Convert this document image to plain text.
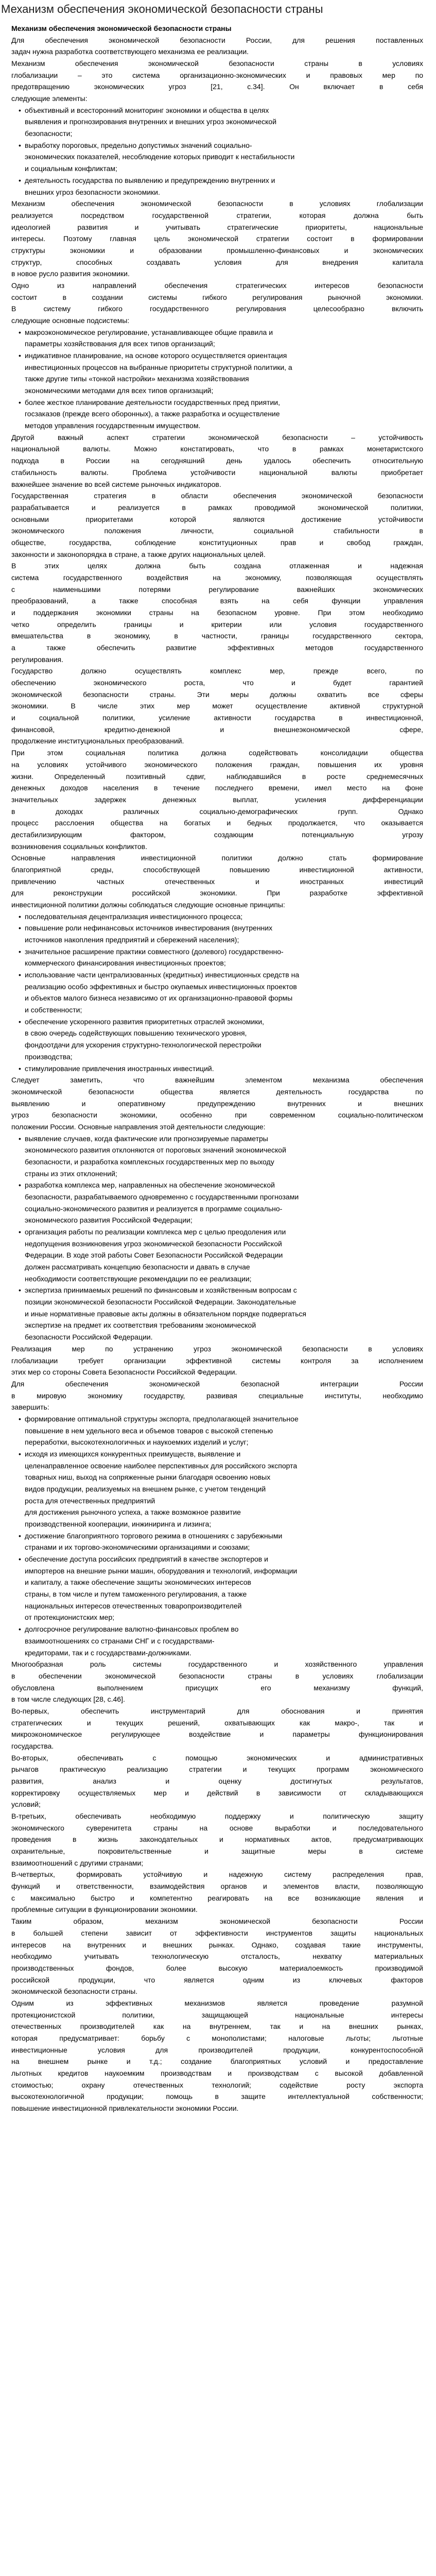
Механизм обеспечения экономической безопасности страны
Механизм обеспечения экономической безопасности страны
Для обеспечения экономической безопасности России, для решения поставленных
задач нужна разработка соответствующего механизма ее реализации.
Механизм обеспечения экономической безопасности страны в условиях
глобализации – это система организационно-экономических и правовых мер по
предотвращению экономических угроз [21, с.34]. Он включает в себя
следующие элементы:
• объективный и всесторонний мониторинг экономики и общества в целях
выявления и прогнозирования внутренних и внешних угроз экономической
безопасности;
• выработку пороговых, предельно допустимых значений социально-
экономических показателей, несоблюдение которых приводит к нестабильности
и социальным конфликтам;
• деятельность государства по выявлению и предупреждению внутренних и
внешних угроз безопасности экономики.
Механизм обеспечения экономической безопасности в условиях глобализации
реализуется посредством государственной стратегии, которая должна быть
идеологией развития и учитывать стратегические приоритеты, национальные
интересы. Поэтому главная цель экономической стратегии состоит в формировании
структуры экономики и образовании промышленно-финансовых и экономических
структур, способных создавать условия для внедрения капитала
в новое русло развития экономики.
Одно из направлений обеспечения стратегических интересов безопасности
состоит в создании системы гибкого регулирования рыночной экономики.
В систему гибкого государственного регулирования целесообразно включить
следующие основные подсистемы:
• макроэкономическое регулирование, устанавливающее общие правила и
параметры хозяйствования для всех типов организаций;
• индикативное планирование, на основе которого осуществляется ориентация
инвестиционных процессов на выбранные приоритеты структурной политики, а
также другие типы «тонкой настройки» механизма хозяйствования
экономическими методами для всех типов организаций;
• более жесткое планирование деятельности государственных пред приятии,
госзаказов (прежде всего оборонных), а также разработка и осуществление
методов управления государственным имуществом.
Другой важный аспект стратегии экономической безопасности – устойчивость
национальной валюты. Можно констатировать, что в рамках монетаристского
подхода в России на сегодняшний день удалось обеспечить относительную
стабильность валюты. Проблема устойчивости национальной валюты приобретает
важнейшее значение во всей системе рыночных индикаторов.
Государственная стратегия в области обеспечения экономической безопасности
разрабатывается и реализуется в рамках проводимой экономической политики,
основными приоритетами которой являются достижение устойчивости
экономического положения личности, социальной стабильности в
обществе, государства, соблюдение конституционных прав и свобод граждан,
законности и законопорядка в стране, а также других национальных целей.
В этих целях должна быть создана отлаженная и надежная
система государственного воздействия на экономику, позволяющая осуществлять
с наименьшими потерями регулирование важнейших экономических
преобразований, а также способная взять на себя функции управления
и поддержания экономики страны на безопасном уровне. При этом необходимо
четко определить границы и критерии или условия государственного
вмешательства в экономику, в частности, границы государственного сектора,
а также обеспечить развитие эффективных методов государственного
регулирования.
Государство должно осуществлять комплекс мер, прежде всего, по
обеспечению экономического роста, что и будет гарантией
экономической безопасности страны. Эти меры должны охватить все сферы
экономики. В числе этих мер может осуществление активной структурной
и социальной политики, усиление активности государства в инвестиционной,
финансовой, кредитно-денежной и внешнеэкономической сфере,
продолжение институциональных преобразований.
При этом социальная политика должна содействовать консолидации общества
на условиях устойчивого экономического положения граждан, повышения их уровня
жизни. Определенный позитивный сдвиг, наблюдавшийся в росте среднемесячных
денежных доходов населения в течение последнего времени, имел место на фоне
значительных задержек денежных выплат, усиления дифференциации
в доходах различных социально-демографических групп. Однако
процесс расслоения общества на богатых и бедных продолжается, что оказывается
дестабилизирующим фактором, создающим потенциальную угрозу
возникновения социальных конфликтов.
Основные направления инвестиционной политики должно стать формирование
благоприятной среды, способствующей повышению инвестиционной активности,
привлечению частных отечественных и иностранных инвестиций
для реконструкции российской экономики. При разработке эффективной
инвестиционной политики должны соблюдаться следующие основные принципы:
• последовательная децентрализация инвестиционного процесса;
• повышение роли нефинансовых источников инвестирования (внутренних
источников накопления предприятий и сбережений населения);
• значительное расширение практики совместного (долевого) государственно-
коммерческого финансирования инвестиционных проектов;
• использование части централизованных (кредитных) инвестиционных средств на
реализацию особо эффективных и быстро окупаемых инвестиционных проектов
и объектов малого бизнеса независимо от их организационно-правовой формы
и собственности;
• обеспечение ускоренного развития приоритетных отраслей экономики,
в свою очередь содействующих повышению технического уровня,
фондоотдачи для ускорения структурно-технологической перестройки
производства;
• стимулирование привлечения иностранных инвестиций.
Следует заметить, что важнейшим элементом механизма обеспечения
экономической безопасности общества является деятельность государства по
выявлению и оперативному предупреждению внутренних и внешних
угроз безопасности экономики, особенно при современном социально-политическом
положении России. Основные направления этой деятельности следующие:
• выявление случаев, когда фактические или прогнозируемые параметры
экономического развития отклоняются от пороговых значений экономической
безопасности, и разработка комплексных государственных мер по выходу
страны из этих отклонений;
• разработка комплекса мер, направленных на обеспечение экономической
безопасности, разрабатываемого одновременно с государственными прогнозами
социально-экономического развития и реализуется в программе социально-
экономического развития Российской Федерации;
• организация работы по реализации комплекса мер с целью преодоления или
недопущения возникновения угроз экономической безопасности Российской
Федерации. В ходе этой работы Совет Безопасности Российской Федерации
должен рассматривать концепцию безопасности и давать в случае
необходимости соответствующие рекомендации по ее реализации;
• экспертиза принимаемых решений по финансовым и хозяйственным вопросам с
позиции экономической безопасности Российской Федерации. Законодательные
и иные нормативные правовые акты должны в обязательном порядке подвергаться
экспертизе на предмет их соответствия требованиям экономической
безопасности Российской Федерации.
Реализация мер по устранению угроз экономической безопасности в условиях
глобализации требует организации эффективной системы контроля за исполнением
этих мер со стороны Совета Безопасности Российской Федерации.
Для обеспечения экономической безопасной интеграции России
в мировую экономику государству, развивая специальные институты, необходимо
завершить:
• формирование оптимальной структуры экспорта, предполагающей значительное
повышение в нем удельного веса и объемов товаров с высокой степенью
переработки, высокотехнологичных и наукоемких изделий и услуг;
• исходя из имеющихся конкурентных преимуществ, выявление и
целенаправленное освоение наиболее перспективных для российского экспорта
товарных ниш, выход на сопряженные рынки благодаря освоению новых
видов продукции, реализуемых на внешнем рынке, с учетом тенденций
роста для отечественных предприятий
для достижения рыночного успеха, а также возможное развитие
производственной кооперации, инжиниринга и лизинга;
• достижение благоприятного торгового режима в отношениях с зарубежными
странами и их торгово-экономическими организациями и союзами;
• обеспечение доступа российских предприятий в качестве экспортеров и
импортеров на внешние рынки машин, оборудования и технологий, информации
и капиталу, а также обеспечение защиты экономических интересов
страны, в том числе и путем таможенного регулирования, а также
национальных интересов отечественных товаропроизводителей
от протекционистских мер;
• долгосрочное регулирование валютно-финансовых проблем во
взаимоотношениях со странами СНГ и с государствами-
кредиторами, так и с государствами-должниками.
Многообразная роль системы государственного и хозяйственного управления
в обеспечении экономической безопасности страны в условиях глобализации
обусловлена выполнением присущих его механизму функций,
в том числе следующих [28, с.46].
Во-первых, обеспечить инструментарий для обоснования и принятия
стратегических и текущих решений, охватывающих как макро-, так и
микроэкономическое регулирующее воздействие и параметры функционирования
государства.
Во-вторых, обеспечивать с помощью экономических и административных
рычагов практическую реализацию стратегии и текущих программ экономического
развития, анализ и оценку достигнутых результатов,
корректировку осуществляемых мер и действий в зависимости от складывающихся
условий;
В-третьих, обеспечивать необходимую поддержку и политическую защиту
экономического суверенитета страны на основе выработки и последовательного
проведения в жизнь законодательных и нормативных актов, предусматривающих
охранительные, покровительственные и защитные меры в системе
взаимоотношений с другими странами;
В-четвертых, формировать устойчивую и надежную систему распределения прав,
функций и ответственности, взаимодействия органов и элементов власти, позволяющую
с максимально быстро и компетентно реагировать на все возникающие явления и
проблемные ситуации в функционировании экономики.
Таким образом, механизм экономической безопасности России
в большей степени зависит от эффективности инструментов защиты национальных
интересов на внутренних и внешних рынках. Однако, создавая такие инструменты,
необходимо учитывать технологическую отсталость, нехватку материальных
производственных фондов, более высокую материалоемкость производимой
российской продукции, что является одним из ключевых факторов
экономической безопасности страны.
Одним из эффективных механизмов является проведение разумной
протекционистской политики, защищающей национальные интересы
отечественных производителей как на внутреннем, так и на внешних рынках,
которая предусматривает: борьбу с монополистами; налоговые льготы; льготные
инвестиционные условия для производителей продукции, конкурентоспособной
на внешнем рынке и т.д.; создание благоприятных условий и предоставление
льготных кредитов наукоемким производствам и производствам с высокой добавленной
стоимостью; охрану отечественных технологий; содействие росту экспорта
высокотехнологичной продукции; помощь в защите интеллектуальной собственности;
повышение инвестиционной привлекательности экономики России.
